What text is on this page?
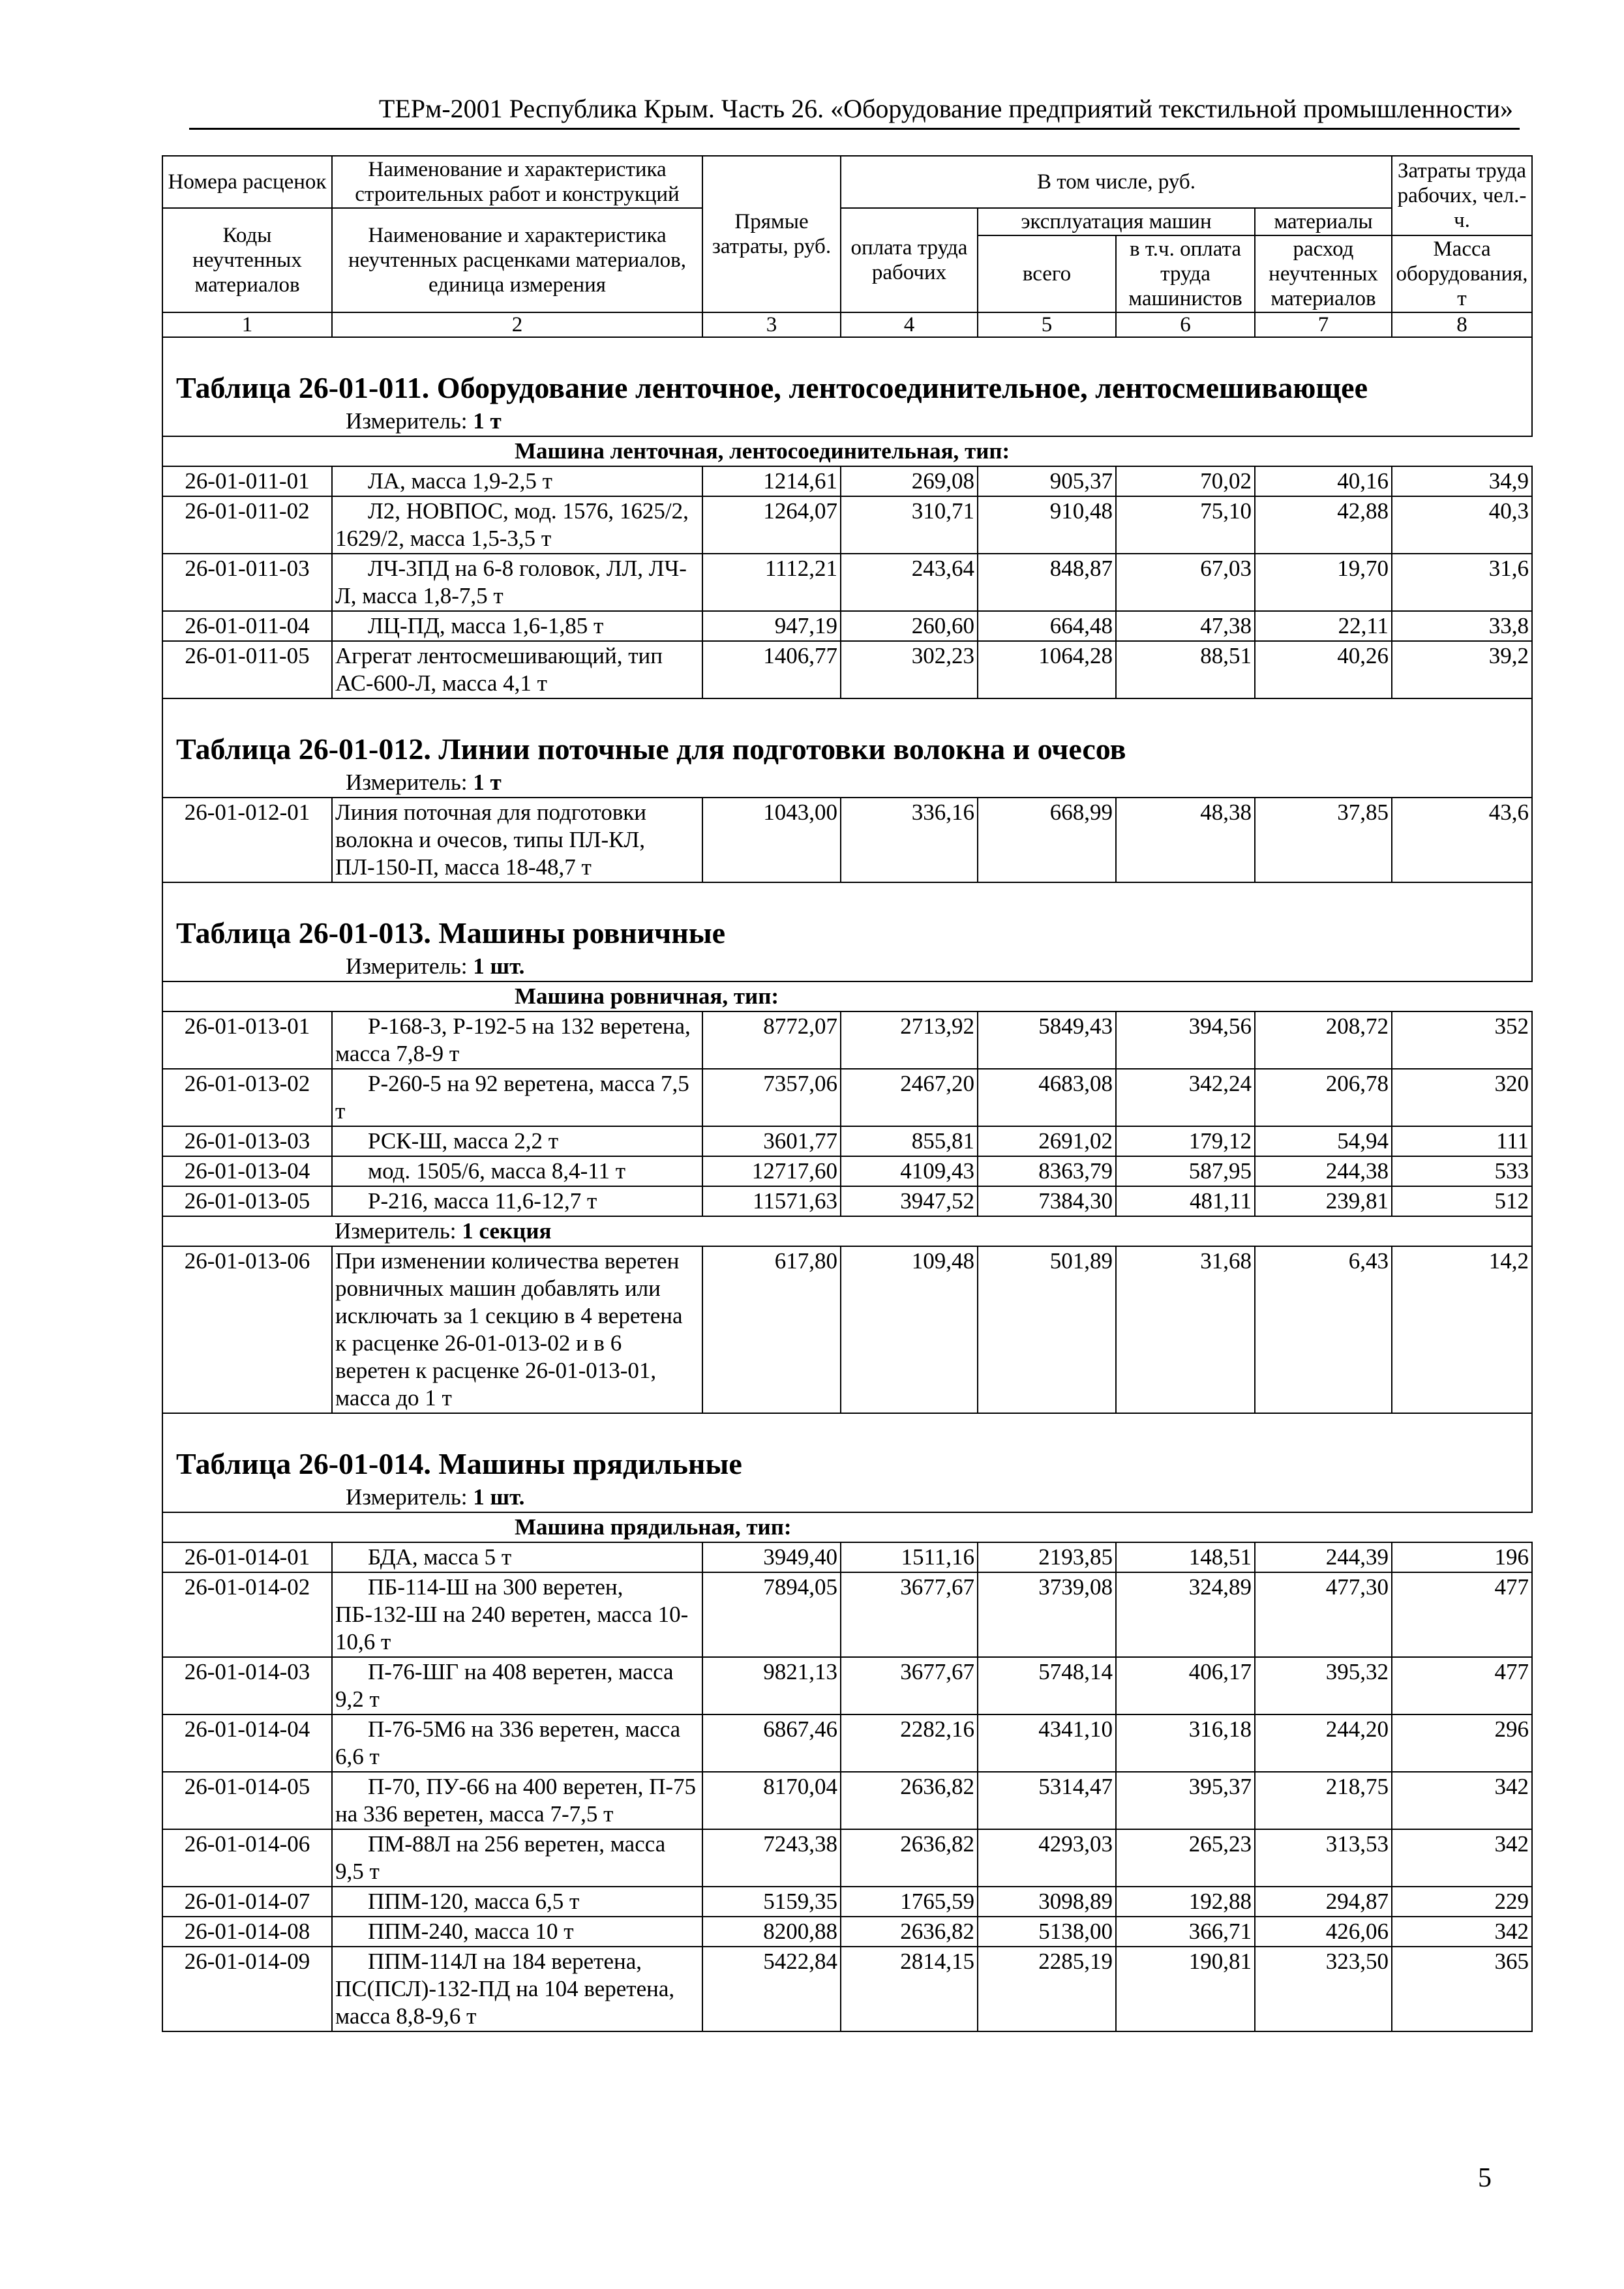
ТЕРм-2001 Республика Крым. Часть 26. «Оборудование предприятий текстильной промышленности»
Номера расценок	Наименование и характеристика строительных работ и конструкций	Прямые затраты, руб.	В том числе, руб.				Затраты труда рабочих, чел.-ч.
Коды неучтенных материалов	Наименование и характеристика неучтенных расценками материалов, единица измерения		оплата труда рабочих	эксплуатация машин		материалы	
				всего	в т.ч. оплата труда машинистов	расход неучтенных материалов	Масса оборудования, т
1	2	3	4	5	6	7	8

Таблица 26-01-011. Оборудование ленточное, лентосоединительное, лентосмешивающее
Измеритель: 1 т							

	Машина ленточная, лентосоединительная, тип:						
26-01-011-01	ЛА, масса 1,9-2,5 т	1214,61	269,08	905,37	70,02	40,16	34,9
26-01-011-02	Л2, НОВПОС, мод. 1576, 1625/2, 1629/2, масса 1,5-3,5 т	1264,07	310,71	910,48	75,10	42,88	40,3
26-01-011-03	ЛЧ-3ПД на 6-8 головок, ЛЛ, ЛЧ-Л, масса 1,8-7,5 т	1112,21	243,64	848,87	67,03	19,70	31,6
26-01-011-04	ЛЦ-ПД, масса 1,6-1,85 т	947,19	260,60	664,48	47,38	22,11	33,8
26-01-011-05	Агрегат лентосмешивающий, тип АС-600-Л, масса 4,1 т	1406,77	302,23	1064,28	88,51	40,26	39,2

Таблица 26-01-012. Линии поточные для подготовки волокна и очесов
Измеритель: 1 т							

26-01-012-01	Линия поточная для подготовки волокна и очесов, типы ПЛ-КЛ, ПЛ-150-П, масса 18-48,7 т	1043,00	336,16	668,99	48,38	37,85	43,6

Таблица 26-01-013. Машины ровничные
Измеритель: 1 шт.							

	Машина ровничная, тип:						
26-01-013-01	Р-168-3, Р-192-5 на 132 веретена, масса 7,8-9 т	8772,07	2713,92	5849,43	394,56	208,72	352
26-01-013-02	Р-260-5 на 92 веретена, масса 7,5 т	7357,06	2467,20	4683,08	342,24	206,78	320
26-01-013-03	РСК-Ш, масса 2,2 т	3601,77	855,81	2691,02	179,12	54,94	111
26-01-013-04	мод. 1505/6, масса 8,4-11 т	12717,60	4109,43	8363,79	587,95	244,38	533
26-01-013-05	Р-216, масса 11,6-12,7 т	11571,63	3947,52	7384,30	481,11	239,81	512
	Измеритель: 1 секция						
26-01-013-06	При изменении количества веретен ровничных машин добавлять или исключать за 1 секцию в 4 веретена к расценке 26-01-013-02 и в 6 веретен к расценке 26-01-013-01, масса до 1 т	617,80	109,48	501,89	31,68	6,43	14,2

Таблица 26-01-014. Машины прядильные
Измеритель: 1 шт.							

	Машина прядильная, тип:						
26-01-014-01	БДА, масса 5 т	3949,40	1511,16	2193,85	148,51	244,39	196
26-01-014-02	ПБ-114-Ш на 300 веретен, ПБ-132-Ш на 240 веретен, масса 10-10,6 т	7894,05	3677,67	3739,08	324,89	477,30	477
26-01-014-03	П-76-ШГ на 408 веретен, масса 9,2 т	9821,13	3677,67	5748,14	406,17	395,32	477
26-01-014-04	П-76-5М6 на 336 веретен, масса 6,6 т	6867,46	2282,16	4341,10	316,18	244,20	296
26-01-014-05	П-70, ПУ-66 на 400 веретен, П-75 на 336 веретен, масса 7-7,5 т	8170,04	2636,82	5314,47	395,37	218,75	342
26-01-014-06	ПМ-88Л на 256 веретен, масса 9,5 т	7243,38	2636,82	4293,03	265,23	313,53	342
26-01-014-07	ППМ-120, масса 6,5 т	5159,35	1765,59	3098,89	192,88	294,87	229
26-01-014-08	ППМ-240, масса 10 т	8200,88	2636,82	5138,00	366,71	426,06	342
26-01-014-09	ППМ-114Л на 184 веретена, ПС(ПСЛ)-132-ПД на 104 веретена, масса 8,8-9,6 т	5422,84	2814,15	2285,19	190,81	323,50	365
5
